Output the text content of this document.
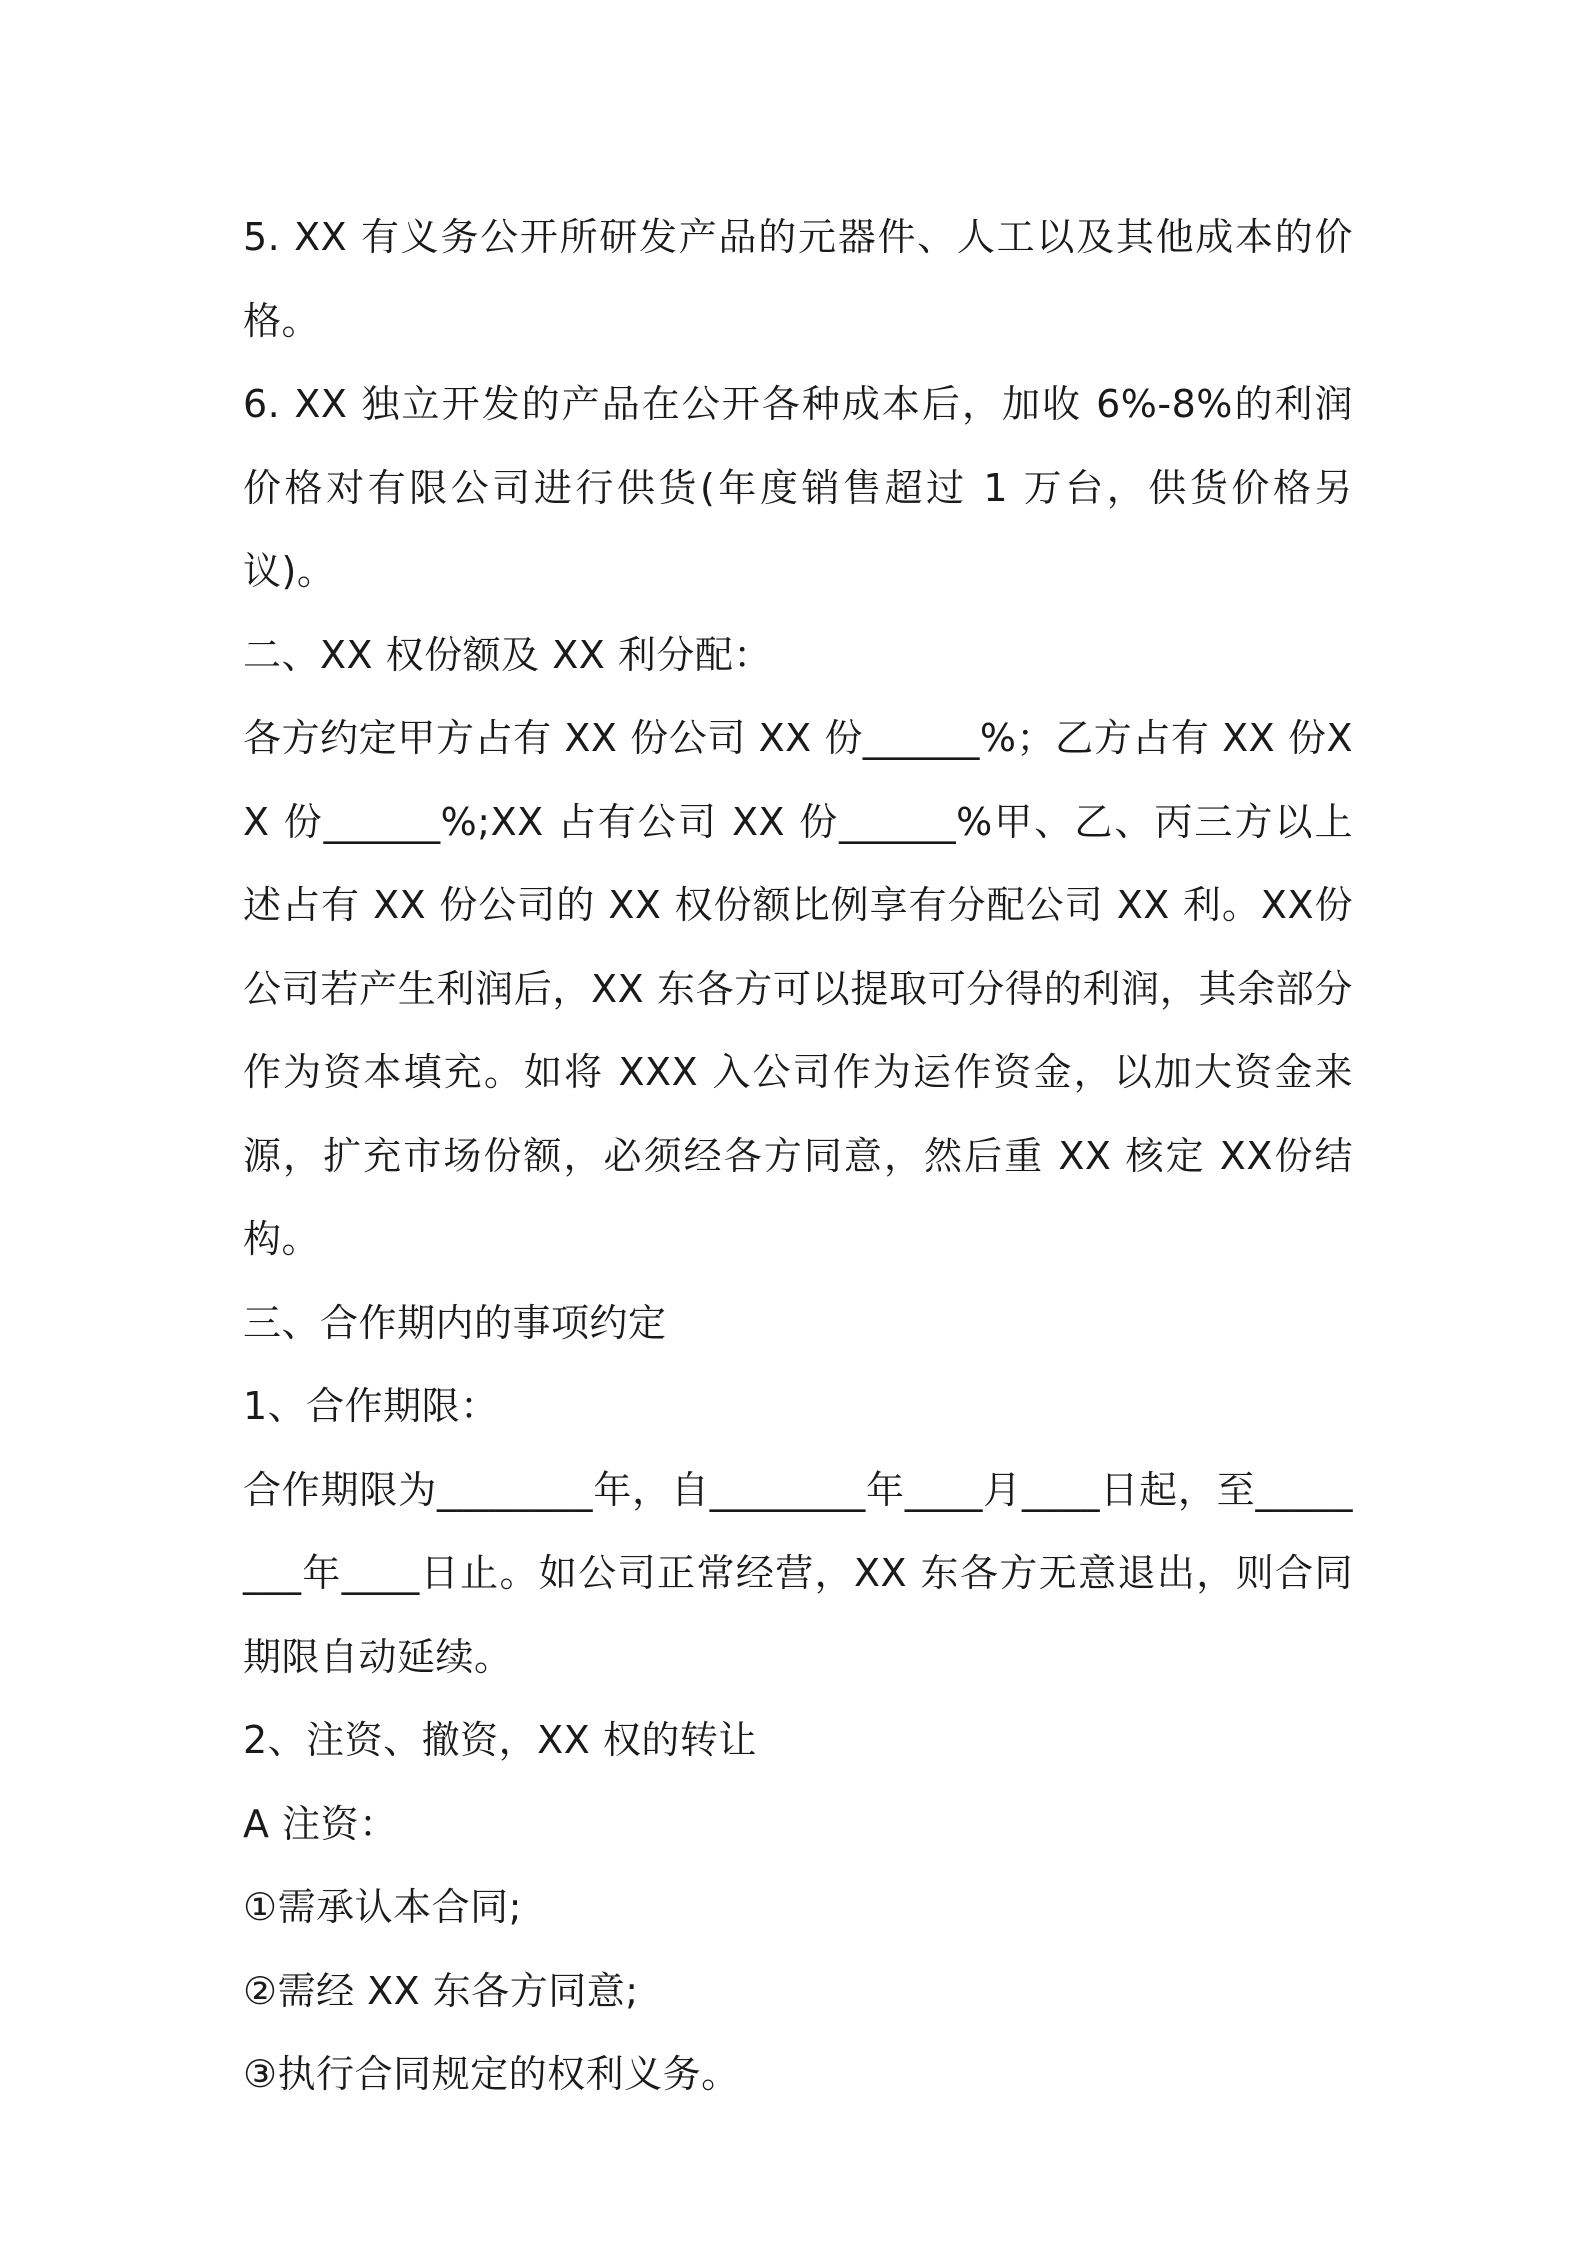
5. XX 有义务公开所研发产品的元器件、人工以及其他成本的价格。

6. XX 独立开发的产品在公开各种成本后，加收 6%-8%的利润价格对有限公司进行供货(年度销售超过 1 万台，供货价格另议)。

二、XX 权份额及 XX 利分配：

各方约定甲方占有 XX 份公司 XX 份______%；乙方占有 XX 份XX 份______%;XX 占有公司 XX 份______%甲、乙、丙三方以上述占有 XX 份公司的 XX 权份额比例享有分配公司 XX 利。XX份公司若产生利润后，XX 东各方可以提取可分得的利润，其余部分作为资本填充。如将 XXX 入公司作为运作资金，以加大资金来源，扩充市场份额，必须经各方同意，然后重 XX 核定 XX份结构。

三、合作期内的事项约定

1、合作期限：

合作期限为________年，自________年____月____日起，至________年____日止。如公司正常经营，XX 东各方无意退出，则合同期限自动延续。

2、注资、撤资，XX 权的转让

A 注资：

①需承认本合同;

②需经 XX 东各方同意;

③执行合同规定的权利义务。
